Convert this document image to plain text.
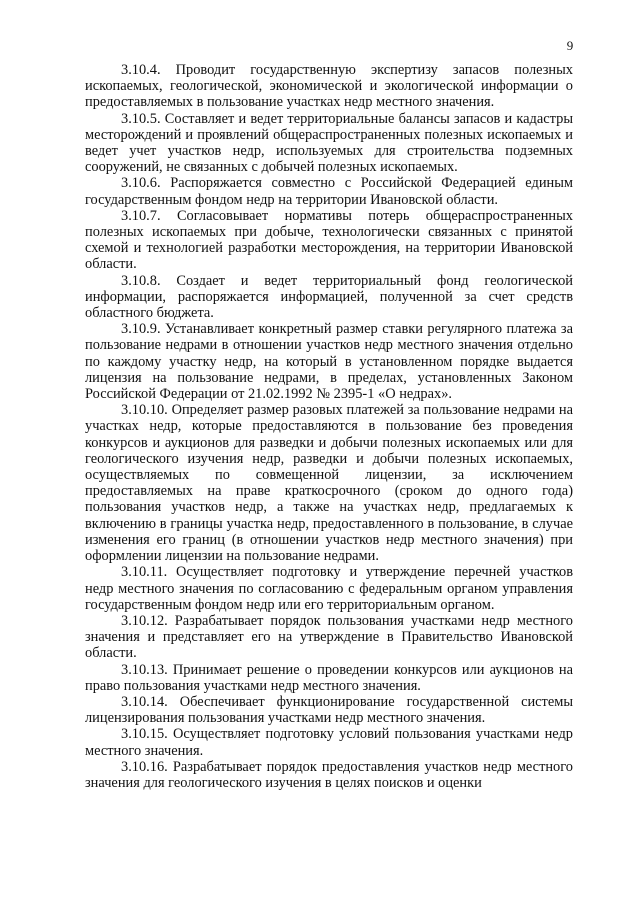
9

3.10.4. Проводит государственную экспертизу запасов полезных ископаемых, геологической, экономической и экологической информации о предоставляемых в пользование участках недр местного значения.

3.10.5. Составляет и ведет территориальные балансы запасов и кадастры месторождений и проявлений общераспространенных полезных ископаемых и ведет учет участков недр, используемых для строительства подземных сооружений, не связанных с добычей полезных ископаемых.

3.10.6. Распоряжается совместно с Российской Федерацией единым государственным фондом недр на территории Ивановской области.

3.10.7. Согласовывает нормативы потерь общераспространенных полезных ископаемых при добыче, технологически связанных с принятой схемой и технологией разработки месторождения, на территории Ивановской области.

3.10.8. Создает и ведет территориальный фонд геологической информации, распоряжается информацией, полученной за счет средств областного бюджета.

3.10.9. Устанавливает конкретный размер ставки регулярного платежа за пользование недрами в отношении участков недр местного значения отдельно по каждому участку недр, на который в установленном порядке выдается лицензия на пользование недрами, в пределах, установленных Законом Российской Федерации от 21.02.1992 № 2395-1 «О недрах».

3.10.10. Определяет размер разовых платежей за пользование недрами на участках недр, которые предоставляются в пользование без проведения конкурсов и аукционов для разведки и добычи полезных ископаемых или для геологического изучения недр, разведки и добычи полезных ископаемых, осуществляемых по совмещенной лицензии, за исключением предоставляемых на праве краткосрочного (сроком до одного года) пользования участков недр, а также на участках недр, предлагаемых к включению в границы участка недр, предоставленного в пользование, в случае изменения его границ (в отношении участков недр местного значения) при оформлении лицензии на пользование недрами.

3.10.11. Осуществляет подготовку и утверждение перечней участков недр местного значения по согласованию с федеральным органом управления государственным фондом недр или его территориальным органом.

3.10.12. Разрабатывает порядок пользования участками недр местного значения и представляет его на утверждение в Правительство Ивановской области.

3.10.13. Принимает решение о проведении конкурсов или аукционов на право пользования участками недр местного значения.

3.10.14. Обеспечивает функционирование государственной системы лицензирования пользования участками недр местного значения.

3.10.15. Осуществляет подготовку условий пользования участками недр местного значения.

3.10.16. Разрабатывает порядок предоставления участков недр местного значения для геологического изучения в целях поисков и оценки
